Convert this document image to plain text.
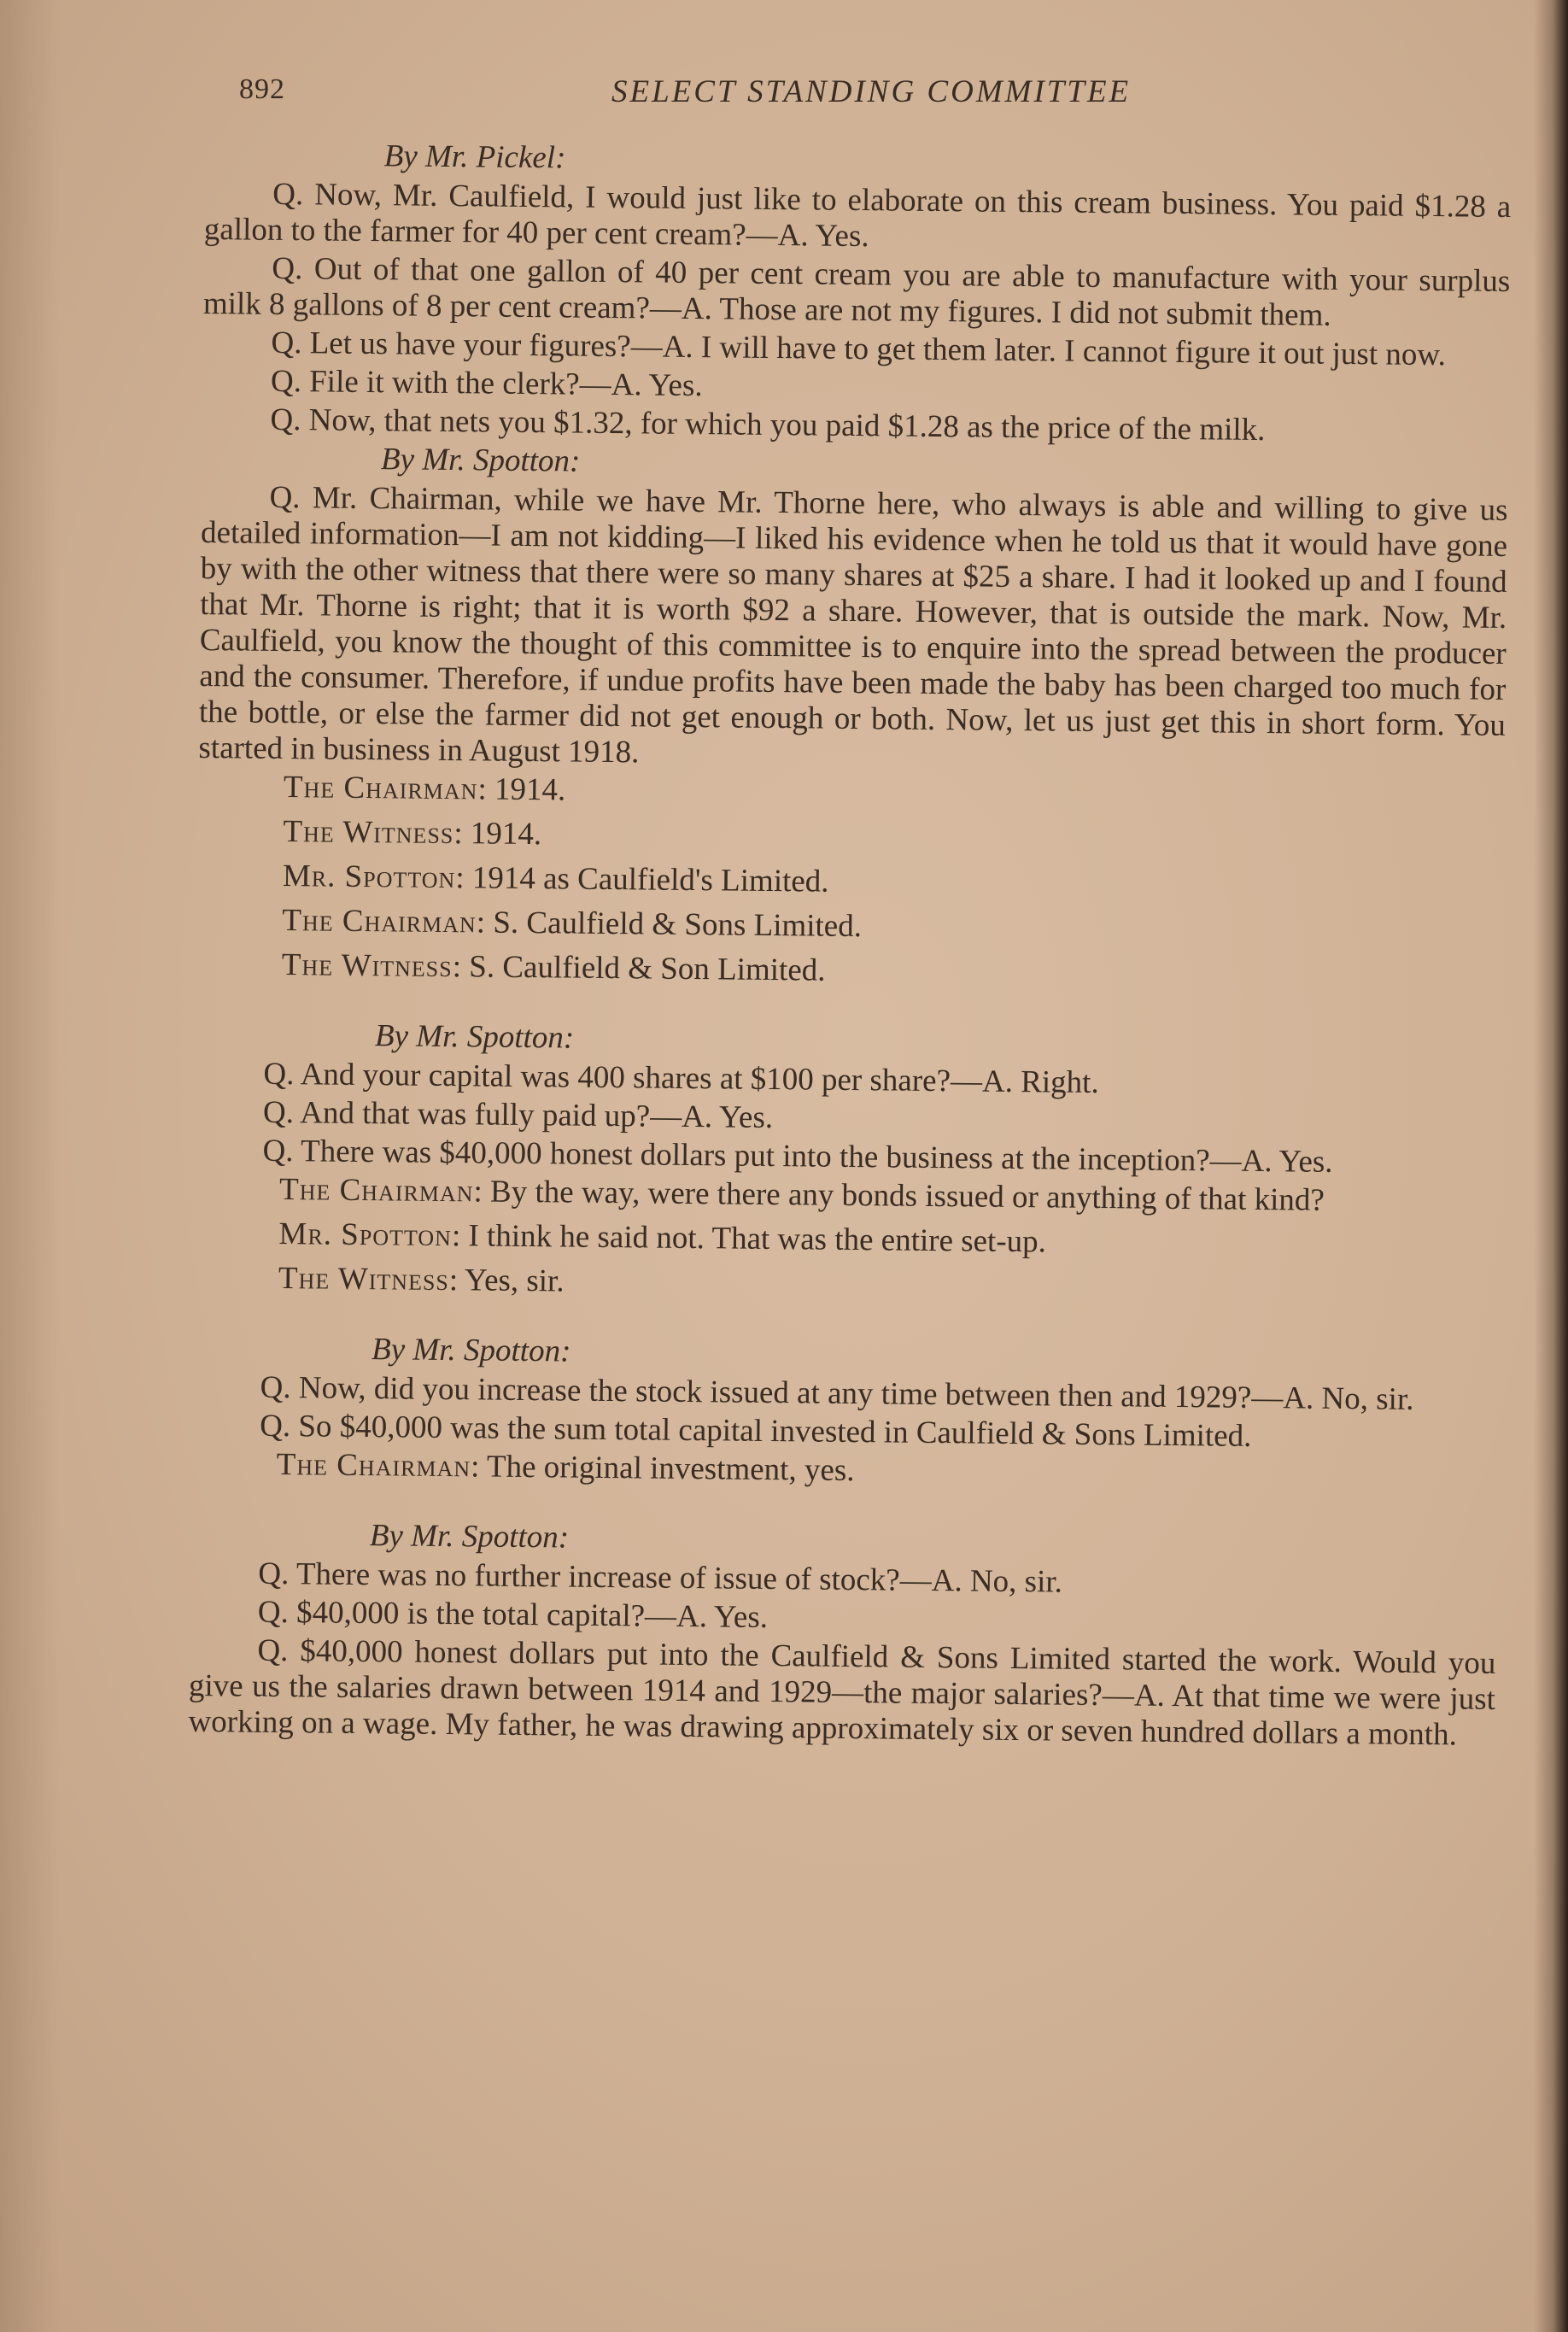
892	SELECT STANDING COMMITTEE

By Mr. Pickel:

Q. Now, Mr. Caulfield, I would just like to elaborate on this cream business. You paid $1.28 a gallon to the farmer for 40 per cent cream?—A. Yes.

Q. Out of that one gallon of 40 per cent cream you are able to manufacture with your surplus milk 8 gallons of 8 per cent cream?—A. Those are not my figures. I did not submit them.

Q. Let us have your figures?—A. I will have to get them later. I cannot figure it out just now.

Q. File it with the clerk?—A. Yes.

Q. Now, that nets you $1.32, for which you paid $1.28 as the price of the milk.

By Mr. Spotton:

Q. Mr. Chairman, while we have Mr. Thorne here, who always is able and willing to give us detailed information—I am not kidding—I liked his evidence when he told us that it would have gone by with the other witness that there were so many shares at $25 a share. I had it looked up and I found that Mr. Thorne is right; that it is worth $92 a share. However, that is outside the mark. Now, Mr. Caulfield, you know the thought of this committee is to enquire into the spread between the producer and the consumer. Therefore, if undue profits have been made the baby has been charged too much for the bottle, or else the farmer did not get enough or both. Now, let us just get this in short form. You started in business in August 1918.

The Chairman: 1914.

The Witness: 1914.

Mr. Spotton: 1914 as Caulfield's Limited.

The Chairman: S. Caulfield & Sons Limited.

The Witness: S. Caulfield & Son Limited.

By Mr. Spotton:

Q. And your capital was 400 shares at $100 per share?—A. Right.

Q. And that was fully paid up?—A. Yes.

Q. There was $40,000 honest dollars put into the business at the inception?—A. Yes.

The Chairman: By the way, were there any bonds issued or anything of that kind?

Mr. Spotton: I think he said not. That was the entire set-up.

The Witness: Yes, sir.

By Mr. Spotton:

Q. Now, did you increase the stock issued at any time between then and 1929?—A. No, sir.

Q. So $40,000 was the sum total capital invested in Caulfield & Sons Limited.

The Chairman: The original investment, yes.

By Mr. Spotton:

Q. There was no further increase of issue of stock?—A. No, sir.

Q. $40,000 is the total capital?—A. Yes.

Q. $40,000 honest dollars put into the Caulfield & Sons Limited started the work. Would you give us the salaries drawn between 1914 and 1929—the major salaries?—A. At that time we were just working on a wage. My father, he was drawing approximately six or seven hundred dollars a month.
